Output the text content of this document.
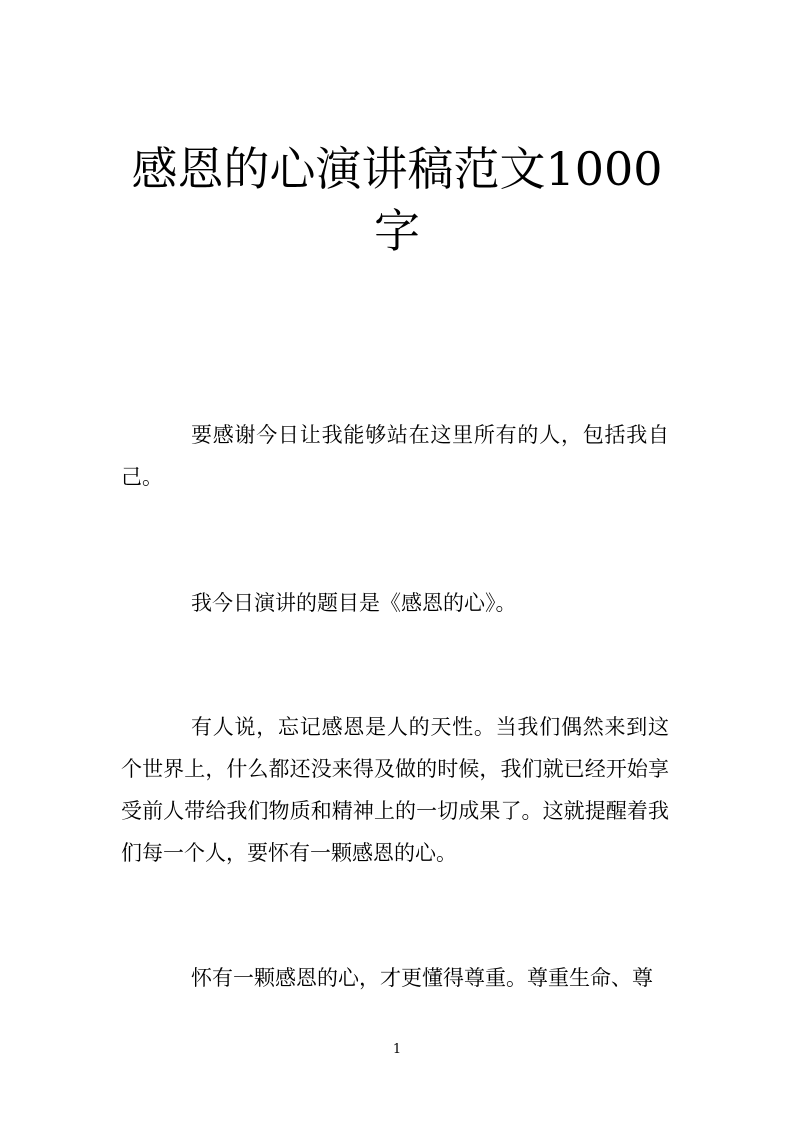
感恩的心演讲稿范文1000字

要感谢今日让我能够站在这里所有的人，包括我自己。

我今日演讲的题目是《感恩的心》。

有人说，忘记感恩是人的天性。当我们偶然来到这个世界上，什么都还没来得及做的时候，我们就已经开始享受前人带给我们物质和精神上的一切成果了。这就提醒着我们每一个人，要怀有一颗感恩的心。

怀有一颗感恩的心，才更懂得尊重。尊重生命、尊

1
